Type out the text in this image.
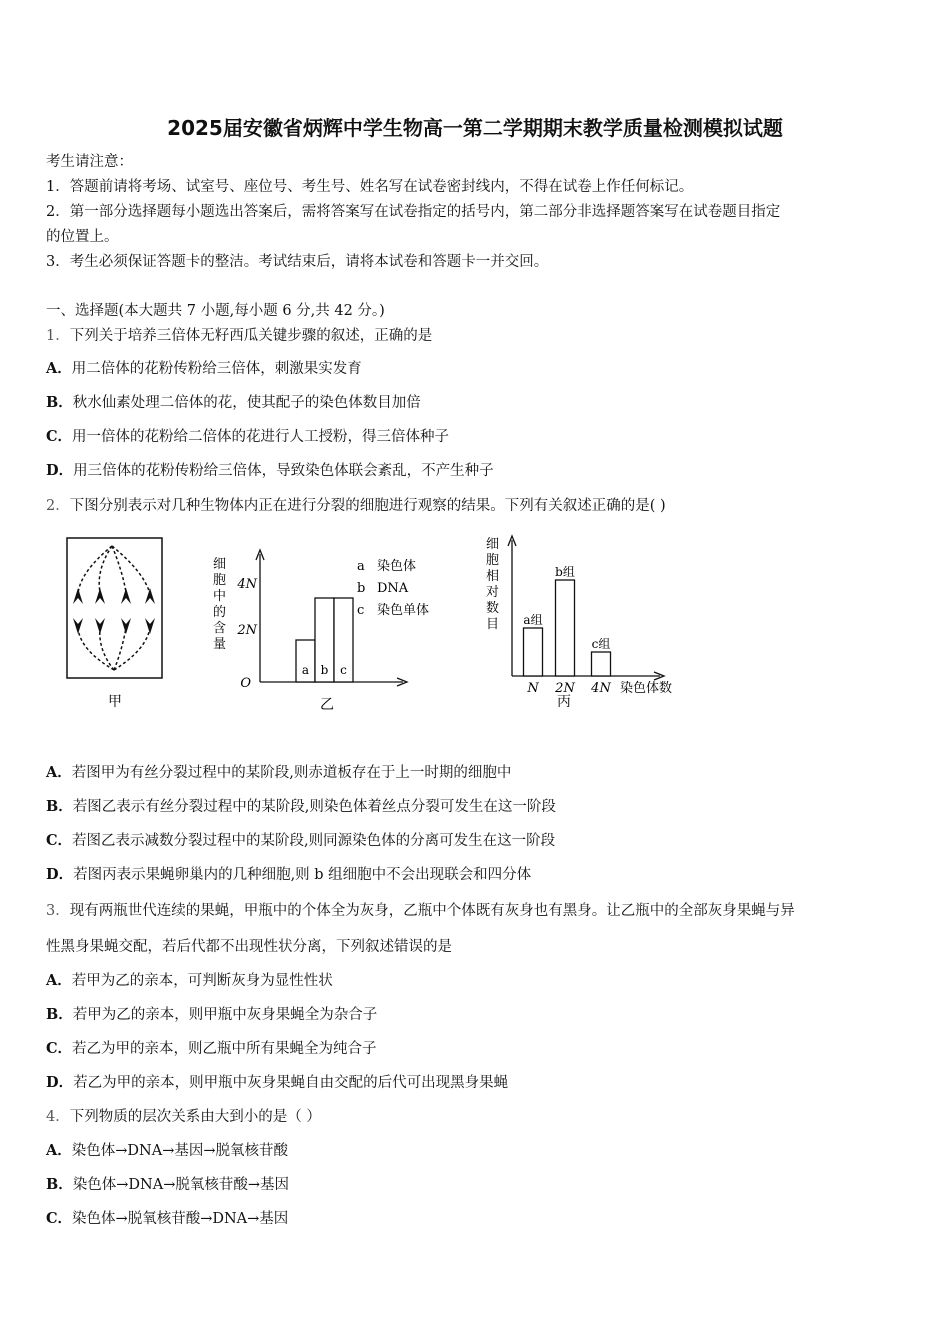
2025届安徽省炳辉中学生物高一第二学期期末教学质量检测模拟试题
考生请注意：
1．答题前请将考场、试室号、座位号、考生号、姓名写在试卷密封线内，不得在试卷上作任何标记。
2．第一部分选择题每小题选出答案后，需将答案写在试卷指定的括号内，第二部分非选择题答案写在试卷题目指定
的位置上。
3．考生必须保证答题卡的整洁。考试结束后，请将本试卷和答题卡一并交回。
一、选择题(本大题共 7 小题,每小题 6 分,共 42 分。)
1．下列关于培养三倍体无籽西瓜关键步骤的叙述，正确的是
A．用二倍体的花粉传粉给三倍体，刺激果实发育
B．秋水仙素处理二倍体的花，使其配子的染色体数目加倍
C．用一倍体的花粉给二倍体的花进行人工授粉，得三倍体种子
D．用三倍体的花粉传粉给三倍体，导致染色体联会紊乱，不产生种子
2．下图分别表示对几种生物体内正在进行分裂的细胞进行观察的结果。下列有关叙述正确的是( )
甲
细
胞
中
的
含
量
O
4N
2N
a b c
a 染色体
b DNA
c 染色单体
乙
细
胞
相
对
数
目 a组
b组
c组
N 2N 4N 染色体数
丙
A．若图甲为有丝分裂过程中的某阶段,则赤道板存在于上一时期的细胞中
B．若图乙表示有丝分裂过程中的某阶段,则染色体着丝点分裂可发生在这一阶段
C．若图乙表示减数分裂过程中的某阶段,则同源染色体的分离可发生在这一阶段
D．若图丙表示果蝇卵巢内的几种细胞,则 b 组细胞中不会出现联会和四分体
3．现有两瓶世代连续的果蝇，甲瓶中的个体全为灰身，乙瓶中个体既有灰身也有黑身。让乙瓶中的全部灰身果蝇与异
性黑身果蝇交配，若后代都不出现性状分离，下列叙述错误的是
A．若甲为乙的亲本，可判断灰身为显性性状
B．若甲为乙的亲本，则甲瓶中灰身果蝇全为杂合子
C．若乙为甲的亲本，则乙瓶中所有果蝇全为纯合子
D．若乙为甲的亲本，则甲瓶中灰身果蝇自由交配的后代可出现黑身果蝇
4．下列物质的层次关系由大到小的是（ ）
A．染色体→DNA→基因→脱氧核苷酸
B．染色体→DNA→脱氧核苷酸→基因
C．染色体→脱氧核苷酸→DNA→基因
